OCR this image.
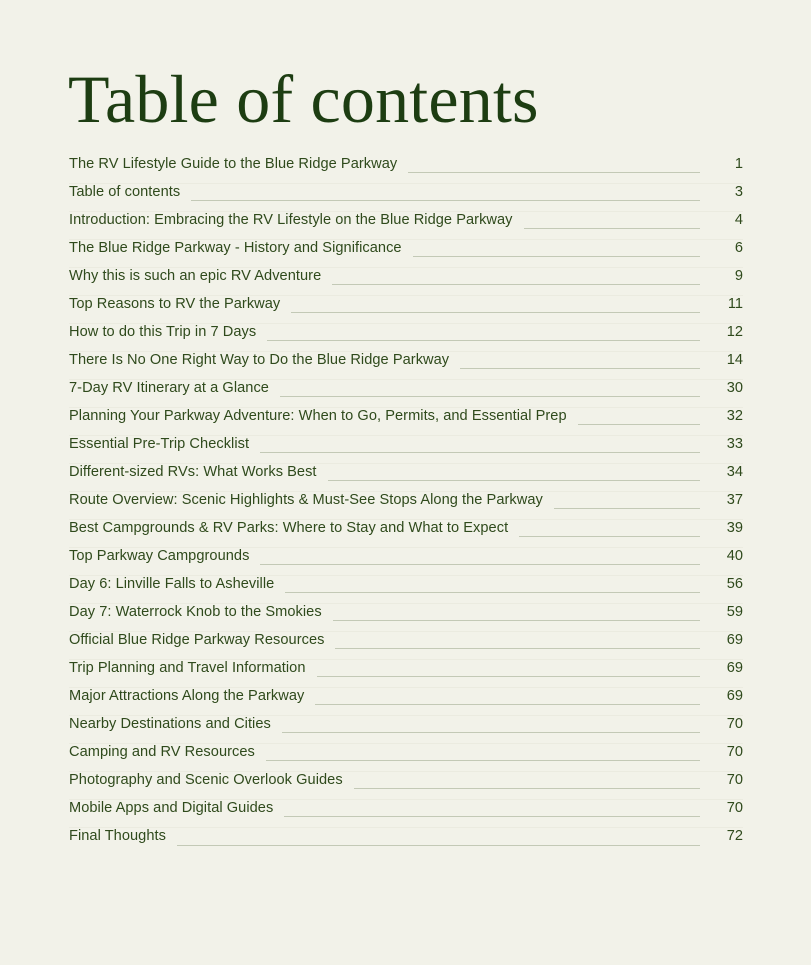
Table of contents
The RV Lifestyle Guide to the Blue Ridge Parkway	1
Table of contents	3
Introduction: Embracing the RV Lifestyle on the Blue Ridge Parkway	4
The Blue Ridge Parkway - History and Significance	6
Why this is such an epic RV Adventure	9
Top Reasons to RV the Parkway	11
How to do this Trip in 7 Days	12
There Is No One Right Way to Do the Blue Ridge Parkway	14
7-Day RV Itinerary at a Glance	30
Planning Your Parkway Adventure: When to Go, Permits, and Essential Prep	32
Essential Pre-Trip Checklist	33
Different-sized RVs: What Works Best	34
Route Overview: Scenic Highlights & Must-See Stops Along the Parkway	37
Best Campgrounds & RV Parks: Where to Stay and What to Expect	39
Top Parkway Campgrounds	40
Day 6: Linville Falls to Asheville	56
Day 7: Waterrock Knob to the Smokies	59
Official Blue Ridge Parkway Resources	69
Trip Planning and Travel Information	69
Major Attractions Along the Parkway	69
Nearby Destinations and Cities	70
Camping and RV Resources	70
Photography and Scenic Overlook Guides	70
Mobile Apps and Digital Guides	70
Final Thoughts	72
